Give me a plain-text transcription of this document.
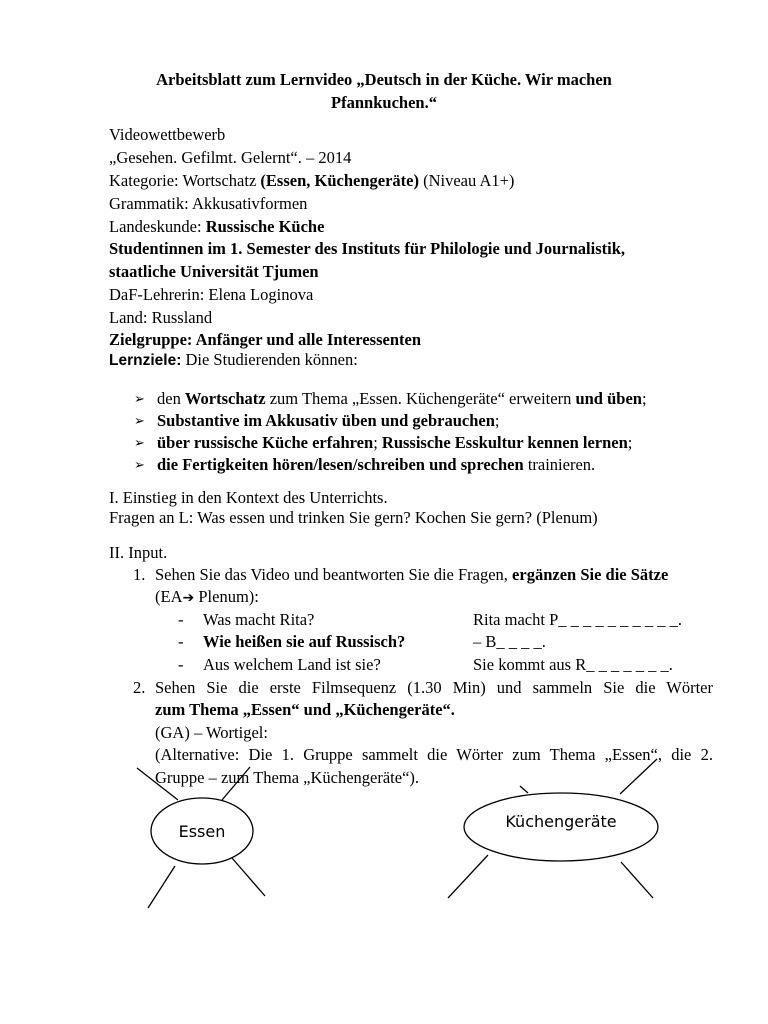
Arbeitsblatt zum Lernvideo „Deutsch in der Küche. Wir machen
Pfannkuchen.“
Videowettbewerb
„Gesehen. Gefilmt. Gelernt“. – 2014
Kategorie: Wortschatz (Essen, Küchengeräte) (Niveau A1+)
Grammatik: Akkusativformen
Landeskunde: Russische Küche
Studentinnen im 1. Semester des Instituts für Philologie und Journalistik,
staatliche Universität Tjumen
DaF-Lehrerin: Elena Loginova
Land: Russland
Zielgruppe: Anfänger und alle Interessenten
Lernziele: Die Studierenden können:
➢ den Wortschatz zum Thema „Essen. Küchengeräte“ erweitern und üben;
➢ Substantive im Akkusativ üben und gebrauchen;
➢ über russische Küche erfahren; Russische Esskultur kennen lernen;
➢ die Fertigkeiten hören/lesen/schreiben und sprechen trainieren.
I. Einstieg in den Kontext des Unterrichts.
Fragen an L: Was essen und trinken Sie gern? Kochen Sie gern? (Plenum)
II. Input.
1. Sehen Sie das Video und beantworten Sie die Fragen, ergänzen Sie die Sätze
(EA➔ Plenum):
- Was macht Rita?	Rita macht P_ _ _ _ _ _ _ _ _ _.
- Wie heißen sie auf Russisch?	– B_ _ _ _.
- Aus welchem Land ist sie?	Sie kommt aus R_ _ _ _ _ _ _.
2. Sehen Sie die erste Filmsequenz (1.30 Min) und sammeln Sie die Wörter
zum Thema „Essen“ und „Küchengeräte“.
(GA) – Wortigel:
(Alternative: Die 1. Gruppe sammelt die Wörter zum Thema „Essen“, die 2.
Gruppe – zum Thema „Küchengeräte“).
Essen
Küchengeräte
